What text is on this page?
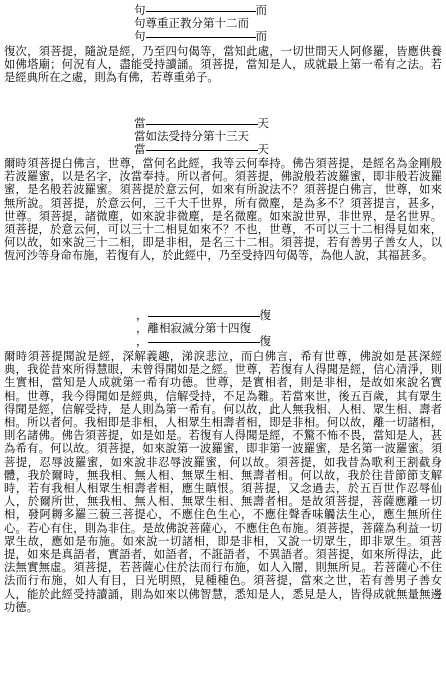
句	而
句尊重正教分第十二而
句	而
復次，須菩提，隨說是經，乃至四句偈等，當知此處，一切世間天人阿修羅，皆應供養如佛塔廟；何況有人，盡能受持讀誦。須菩提，當知是人，成就最上第一希有之法。若是經典所在之處，則為有佛，若尊重弟子。
當	天
當如法受持分第十三天
當	天
爾時須菩提白佛言，世尊，當何名此經，我等云何奉持。佛告須菩提，是經名為金剛般若波羅蜜，以是名字，汝當奉持。所以者何。須菩提，佛說般若波羅蜜，即非般若波羅蜜，是名般若波羅蜜。須菩提於意云何，如來有所說法不？須菩提白佛言，世尊，如來無所說。須菩提，於意云何，三千大千世界，所有微塵，是為多不？須菩提言，甚多，世尊。須菩提，諸微塵，如來說非微塵，是名微塵。如來說世界，非世界，是名世界。須菩提，於意云何，可以三十二相見如來不？不也，世尊，不可以三十二相得見如來，何以故，如來說三十二相，即是非相，是名三十二相。須菩提，若有善男子善女人，以恆河沙等身命布施，若復有人，於此經中，乃至受持四句偈等，為他人說，其福甚多。
，	復
，離相寂滅分第十四復
，	復
爾時須菩提聞說是經，深解義趣，涕淚悲泣，而白佛言，希有世尊，佛說如是甚深經典，我從昔來所得慧眼，未曾得聞如是之經。世尊，若復有人得聞是經，信心清淨，則生實相，當知是人成就第一希有功德。世尊，是實相者，則是非相，是故如來說名實相。世尊，我今得聞如是經典，信解受持，不足為難。若當來世，後五百歲，其有眾生得聞是經，信解受持，是人則為第一希有。何以故，此人無我相、人相、眾生相、壽者相。所以者何。我相即是非相，人相眾生相壽者相，即是非相。何以故，離一切諸相，則名諸佛。佛告須菩提，如是如是。若復有人得聞是經，不驚不怖不畏，當知是人，甚為希有。何以故。須菩提，如來說第一波羅蜜，即非第一波羅蜜，是名第一波羅蜜。須菩提，忍辱波羅蜜，如來說非忍辱波羅蜜，何以故。須菩提，如我昔為歌利王割截身體，我於爾時，無我相、無人相、無眾生相、無壽者相。何以故，我於往昔節節支解時，若有我相人相眾生相壽者相，應生瞋恨。須菩提，又念過去，於五百世作忍辱仙人，於爾所世，無我相、無人相、無眾生相、無壽者相。是故須菩提，菩薩應離一切相，發阿耨多羅三藐三菩提心，不應住色生心，不應住聲香味觸法生心，應生無所住心。若心有住，則為非住。是故佛說菩薩心，不應住色布施。須菩提，菩薩為利益一切眾生故，應如是布施。如來說一切諸相，即是非相，又說一切眾生，即非眾生。須菩提，如來是真語者，實語者，如語者，不誑語者，不異語者。須菩提，如來所得法，此法無實無虛。須菩提，若菩薩心住於法而行布施，如人入闇，則無所見。若菩薩心不住法而行布施，如人有目，日光明照，見種種色。須菩提，當來之世，若有善男子善女人，能於此經受持讀誦，則為如來以佛智慧，悉知是人，悉見是人，皆得成就無量無邊功德。
